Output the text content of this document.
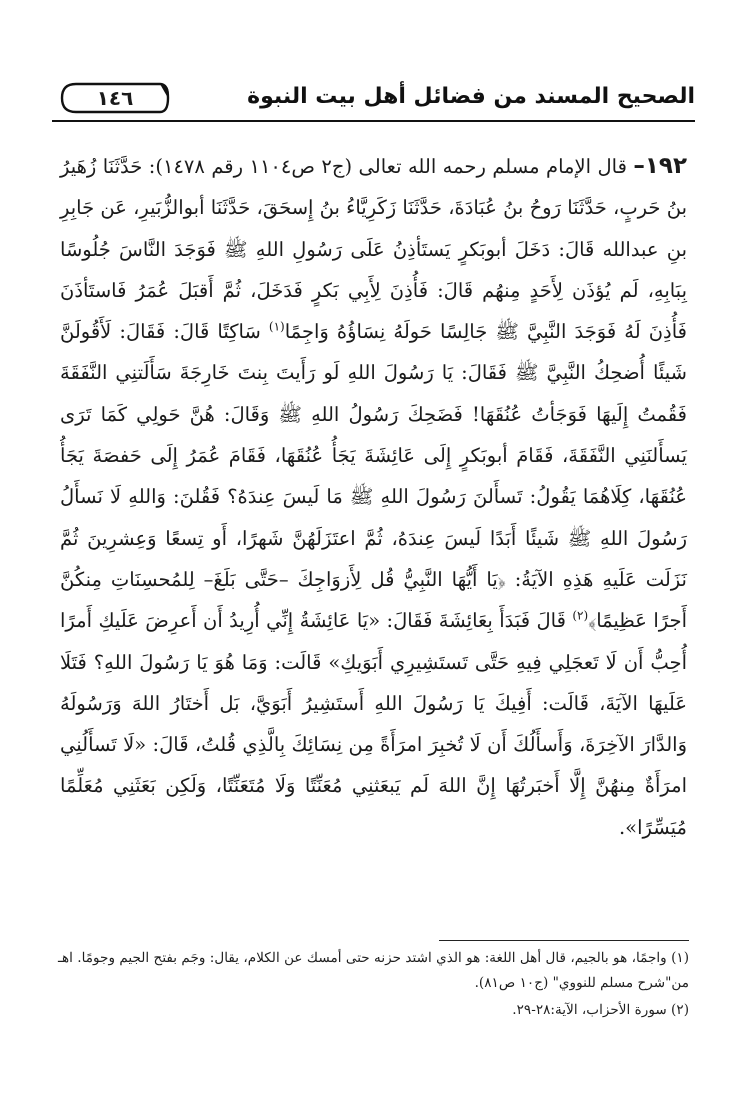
الصحيح المسند من فضائل أهل بيت النبوة
١٤٦

١٩٢– قال الإمام مسلم رحمه الله تعالى (ج٢ ص١١٠٤ رقم ١٤٧٨): حَدَّثَنَا زُهَيرُ بنُ حَربٍ، حَدَّثَنَا رَوحُ بنُ عُبَادَةَ، حَدَّثَنَا زَكَرِيَّاءُ بنُ إِسحَقَ، حَدَّثَنَا أبوالزُّبَيرِ، عَن جَابِرِ بنِ عبدالله قَالَ: دَخَلَ أبوبَكرٍ يَستَأذِنُ عَلَى رَسُولِ اللهِ ﷺ فَوَجَدَ النَّاسَ جُلُوسًا بِبَابِهِ، لَم يُؤذَن لِأَحَدٍ مِنهُم قَالَ: فَأُذِنَ لِأَبِي بَكرٍ فَدَخَلَ، ثُمَّ أَقبَلَ عُمَرُ فَاستَأذَنَ فَأُذِنَ لَهُ فَوَجَدَ النَّبِيَّ ﷺ جَالِسًا حَولَهُ نِسَاؤُهُ وَاجِمًا$^{(١)}$ سَاكِتًا قَالَ: فَقَالَ: لَأَقُولَنَّ شَيئًا أُضحِكُ النَّبِيَّ ﷺ فَقَالَ: يَا رَسُولَ اللهِ لَو رَأَيتَ بِنتَ خَارِجَةَ سَأَلَتنِي النَّفَقَةَ فَقُمتُ إِلَيهَا فَوَجَأتُ عُنُقَهَا! فَضَحِكَ رَسُولُ اللهِ ﷺ وَقَالَ: هُنَّ حَولِي كَمَا تَرَى يَسأَلنَنِي النَّفَقَةَ، فَقَامَ أبوبَكرٍ إِلَى عَائِشَةَ يَجَأُ عُنُقَهَا، فَقَامَ عُمَرُ إِلَى حَفصَةَ يَجَأُ عُنُقَهَا، كِلَاهُمَا يَقُولُ: تَسأَلنَ رَسُولَ اللهِ ﷺ مَا لَيسَ عِندَهُ؟ فَقُلنَ: وَاللهِ لَا نَسأَلُ رَسُولَ اللهِ ﷺ شَيئًا أَبَدًا لَيسَ عِندَهُ، ثُمَّ اعتَزَلَهُنَّ شَهرًا، أَو تِسعًا وَعِشرِينَ ثُمَّ نَزَلَت عَلَيهِ هَذِهِ الآيَةُ: ﴿يَا أَيُّهَا النَّبِيُّ قُل لِأَزوَاجِكَ –حَتَّى بَلَغَ– لِلمُحسِنَاتِ مِنكُنَّ أَجرًا عَظِيمًا﴾$^{(٢)}$ قَالَ فَبَدَأَ بِعَائِشَةَ فَقَالَ: «يَا عَائِشَةُ إِنِّي أُرِيدُ أَن أَعرِضَ عَلَيكِ أَمرًا أُحِبُّ أَن لَا تَعجَلِي فِيهِ حَتَّى تَستَشِيرِي أَبَوَيكِ» قَالَت: وَمَا هُوَ يَا رَسُولَ اللهِ؟ فَتَلَا عَلَيهَا الآيَةَ، قَالَت: أَفِيكَ يَا رَسُولَ اللهِ أَستَشِيرُ أَبَوَيَّ، بَل أَختَارُ اللهَ وَرَسُولَهُ وَالدَّارَ الآخِرَةَ، وَأَسأَلُكَ أَن لَا تُخبِرَ امرَأَةً مِن نِسَائِكَ بِالَّذِي قُلتُ، قَالَ: «لَا تَسأَلُنِي امرَأَةٌ مِنهُنَّ إِلَّا أَخبَرتُهَا إِنَّ اللهَ لَم يَبعَثنِي مُعَنِّتًا وَلَا مُتَعَنِّتًا، وَلَكِن بَعَثَنِي مُعَلِّمًا مُيَسِّرًا».

(١) واجمًا، هو بالجيم، قال أهل اللغة: هو الذي اشتد حزنه حتى أمسك عن الكلام، يقال: وجَم بفتح الجيم وجومًا. اهـ من"شرح مسلم للنووي" (ج١٠ ص٨١).

(٢) سورة الأحزاب، الآية:٢٨-٢٩.
